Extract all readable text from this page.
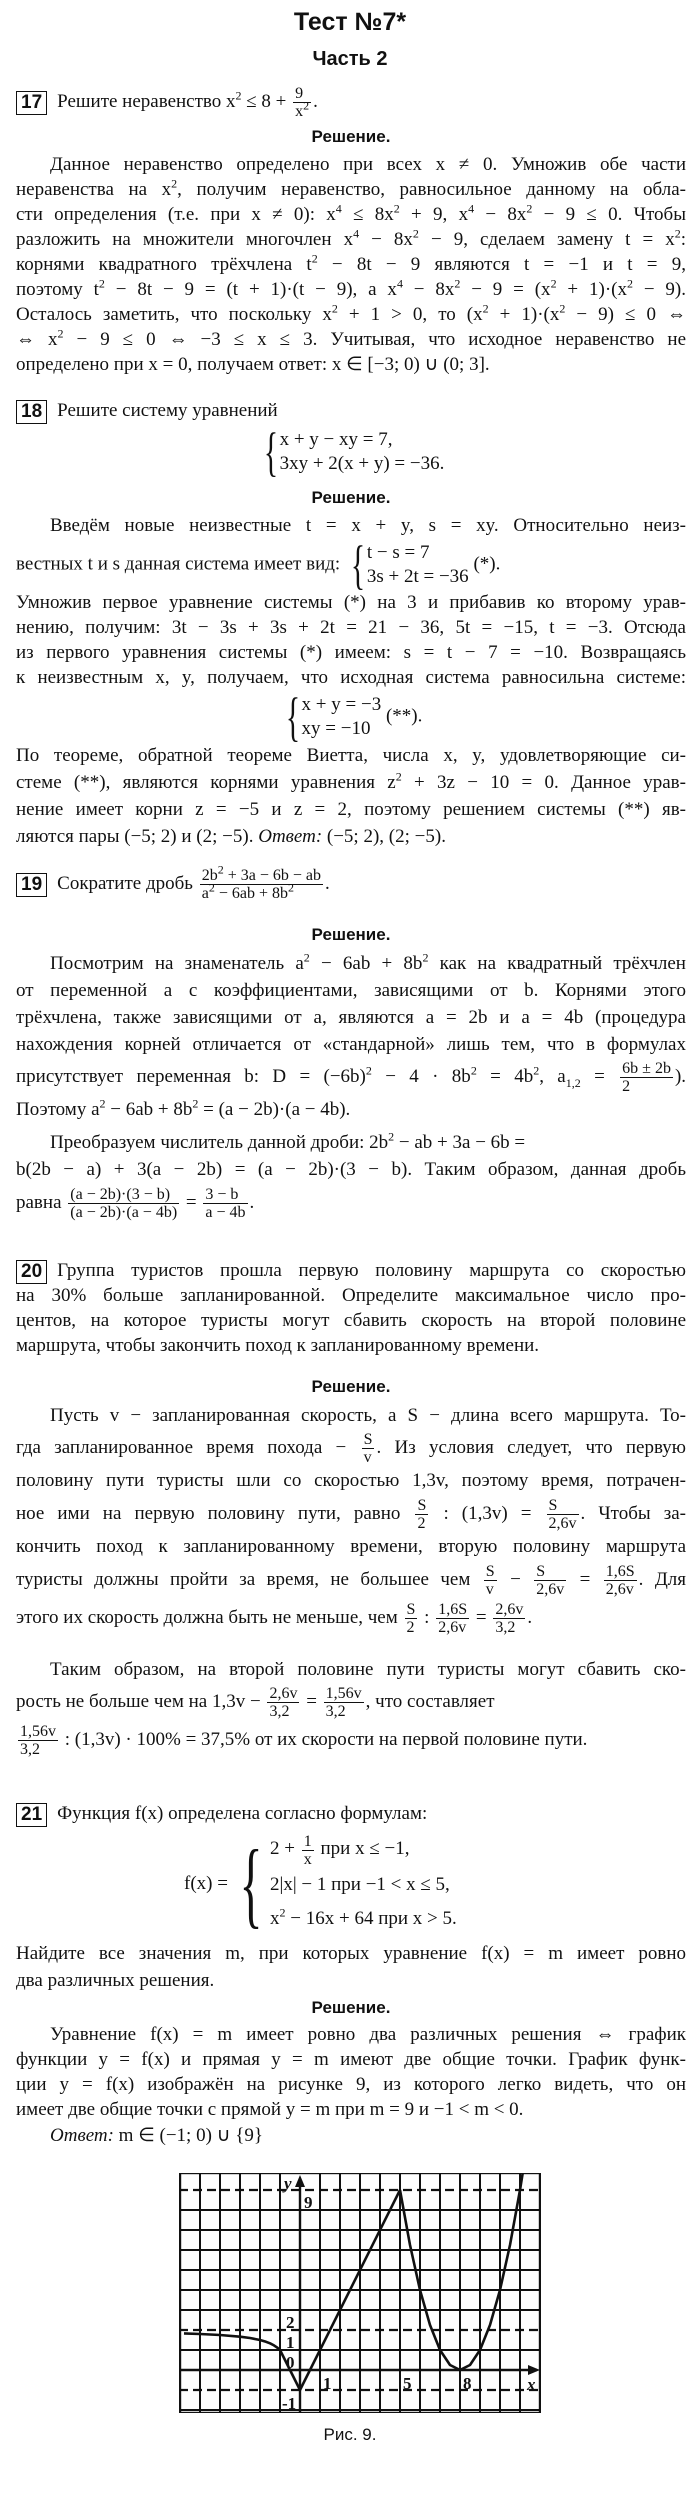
Тест №7*
Часть 2
17 Решите неравенство $x^2 \le 8 + \frac{9}{x^2}$ .
Решение.
Данное неравенство определено при всех x ≠ 0. Умножив обе части
неравенства на $x^2$, получим неравенство, равносильное данному на обла-
сти определения (т.е. при x ≠ 0): $x^4 \le 8x^2 + 9$, $x^4 - 8x^2 - 9 \le 0$. Чтобы
разложить на множители многочлен $x^4 - 8x^2 - 9$, сделаем замену $t = x^2$:
корнями квадратного трёхчлена $t^2 - 8t - 9$ являются t = −1 и t = 9,
поэтому $t^2 - 8t - 9 = (t + 1)\cdot(t - 9)$, а $x^4 - 8x^2 - 9 = (x^2 + 1)\cdot(x^2 - 9)$.
Осталось заметить, что поскольку $x^2 + 1 > 0$, то $(x^2 + 1)\cdot(x^2 - 9) \le 0$ ⇔
⇔ $x^2 - 9 \le 0$ ⇔ −3 ≤ x ≤ 3. Учитывая, что исходное неравенство не
определено при x = 0, получаем ответ: x ∈ [−3; 0) ∪ (0; 3].
18 Решите систему уравнений
{ x + y − xy = 7,
3xy + 2(x + y) = −36.
Решение.
Введём новые неизвестные t = x + y, s = xy. Относительно неиз-
вестных t и s данная система имеет вид: { t − s = 7
3s + 2t = −36
(*).
Умножив первое уравнение системы (*) на 3 и прибавив ко второму урав-
нению, получим: 3t − 3s + 3s + 2t = 21 − 36, 5t = −15, t = −3. Отсюда
из первого уравнения системы (*) имеем: s = t − 7 = −10. Возвращаясь
к неизвестным x, y, получаем, что исходная система равносильна системе:
{ x + y = −3
xy = −10
(**).
По теореме, обратной теореме Виетта, числа x, y, удовлетворяющие си-
стеме (**), являются корнями уравнения $z^2 + 3z - 10 = 0$. Данное урав-
нение имеет корни z = −5 и z = 2, поэтому решением системы (**) яв-
ляются пары (−5; 2) и (2; −5). Ответ: (−5; 2), (2; −5).
19 Сократите дробь $\frac{2b^2 + 3a - 6b - ab}{a^2 - 6ab + 8b^2}$ .
Решение.
Посмотрим на знаменатель $a^2 - 6ab + 8b^2$ как на квадратный трёхчлен
от переменной a с коэффициентами, зависящими от b. Корнями этого
трёхчлена, также зависящими от a, являются a = 2b и a = 4b (процедура
нахождения корней отличается от «стандарной» лишь тем, что в формулах
присутствует переменная b: $D = (-6b)^2 - 4 \cdot 8b^2 = 4b^2$, $a_{1,2} = \frac{6b \pm 2b}{2}$ ).
Поэтому $a^2 - 6ab + 8b^2 = (a - 2b)\cdot(a - 4b)$.
Преобразуем числитель данной дроби: $2b^2$ − ab + 3a − 6b =
b(2b − a) + 3(a − 2b) = (a − 2b)·(3 − b). Таким образом, данная дробь
равна $\frac{(a - 2b)\cdot(3 - b)}{(a - 2b)\cdot(a - 4b)} = \frac{3 - b}{a - 4b}$ .
20 Группа туристов прошла первую половину маршрута со скоростью
на 30% больше запланированной. Определите максимальное число про-
центов, на которое туристы могут сбавить скорость на второй половине
маршрута, чтобы закончить поход к запланированному времени.
Решение.
Пусть v − запланированная скорость, а S − длина всего маршрута. То-
гда запланированное время похода − $\frac{S}{v}$ . Из условия следует, что первую
половину пути туристы шли со скоростью 1,3v, поэтому время, потрачен-
ное ими на первую половину пути, равно $\frac{S}{2}$ : $(1,3v) = \frac{S}{2,6v}$ . Чтобы за-
кончить поход к запланированному времени, вторую половину маршрута
туристы должны пройти за время, не большее чем $\frac{S}{v} - \frac{S}{2,6v} = \frac{1,6S}{2,6v}$ . Для
этого их скорость должна быть не меньше, чем $\frac{S}{2}$ : $\frac{1,6S}{2,6v} = \frac{2,6v}{3,2}$ .
Таким образом, на второй половине пути туристы могут сбавить ско-
рость не больше чем на $1,3v - \frac{2,6v}{3,2} = \frac{1,56v}{3,2}$ , что составляет
$\frac{1,56v}{3,2}$ : (1,3v) · 100% = 37,5% от их скорости на первой половине пути.
21 Функция f(x) определена согласно формулам:
f(x) = { $2 + \frac{1}{x}$ при x ≤ −1,
2|x| − 1 при −1 < x ≤ 5,
$x^2 - 16x + 64$ при x > 5.
Найдите все значения m, при которых уравнение f(x) = m имеет ровно
два различных решения.
Решение.
Уравнение f(x) = m имеет ровно два различных решения ⇔ график
функции y = f(x) и прямая y = m имеют две общие точки. График функ-
ции y = f(x) изображён на рисунке 9, из которого легко видеть, что он
имеет две общие точки с прямой y = m при m = 9 и −1 < m < 0.
Ответ: m ∈ (−1; 0) ∪ {9}
1	5	8
9
2
1
0
-1
x
y
Рис. 9.
